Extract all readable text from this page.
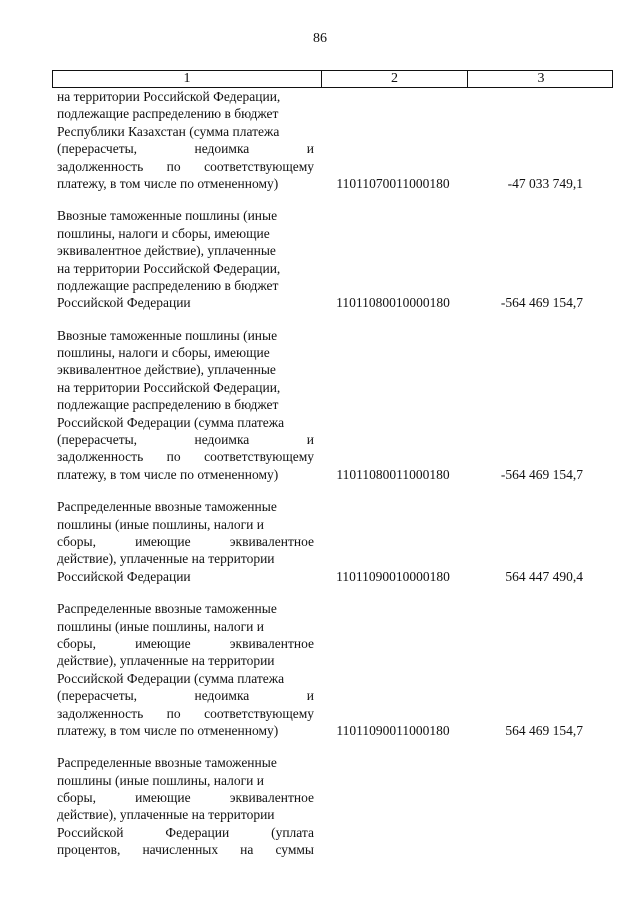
86
1	2	3
на территории Российской Федерации,
подлежащие распределению в бюджет
Республики Казахстан (сумма платежа
(перерасчеты, недоимка и
задолженность по соответствующему
платежу, в том числе по отмененному)	11011070011000180	-47 033 749,1
Ввозные таможенные пошлины (иные
пошлины, налоги и сборы, имеющие
эквивалентное действие), уплаченные
на территории Российской Федерации,
подлежащие распределению в бюджет
Российской Федерации	11011080010000180	-564 469 154,7
Ввозные таможенные пошлины (иные
пошлины, налоги и сборы, имеющие
эквивалентное действие), уплаченные
на территории Российской Федерации,
подлежащие распределению в бюджет
Российской Федерации (сумма платежа
(перерасчеты, недоимка и
задолженность по соответствующему
платежу, в том числе по отмененному)	11011080011000180	-564 469 154,7
Распределенные ввозные таможенные
пошлины (иные пошлины, налоги и
сборы, имеющие эквивалентное
действие), уплаченные на территории
Российской Федерации	11011090010000180	564 447 490,4
Распределенные ввозные таможенные
пошлины (иные пошлины, налоги и
сборы, имеющие эквивалентное
действие), уплаченные на территории
Российской Федерации (сумма платежа
(перерасчеты, недоимка и
задолженность по соответствующему
платежу, в том числе по отмененному)	11011090011000180	564 469 154,7
Распределенные ввозные таможенные
пошлины (иные пошлины, налоги и
сборы, имеющие эквивалентное
действие), уплаченные на территории
Российской Федерации (уплата
процентов, начисленных на суммы
